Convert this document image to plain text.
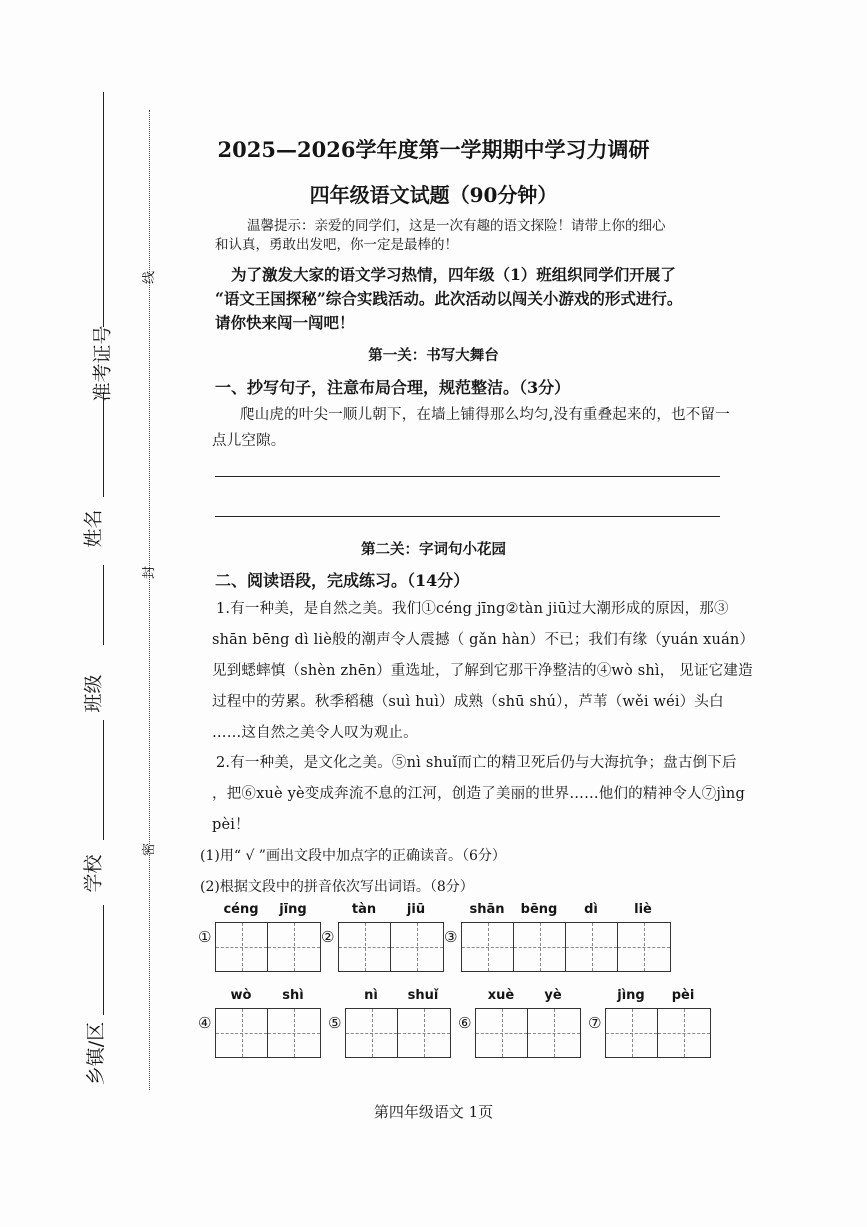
准考证号
姓名
班级
学校
乡镇/区
线
封
密
2025—2026学年度第一学期期中学习力调研
四年级语文试题（90分钟）
温馨提示：亲爱的同学们，这是一次有趣的语文探险！请带上你的细心
和认真，勇敢出发吧，你一定是最棒的！
为了激发大家的语文学习热情，四年级（1）班组织同学们开展了
“语文王国探秘”综合实践活动。此次活动以闯关小游戏的形式进行。
请你快来闯一闯吧！
第一关：书写大舞台
一、抄写句子，注意布局合理，规范整洁。（3分）
爬山虎的叶尖一顺儿朝下，在墙上铺得那么均匀,没有重叠起来的，也不留一
点儿空隙。
第二关：字词句小花园
二、阅读语段，完成练习。（14分）
1.有一种美，是自然之美。我们①céng jīng②tàn jiū过大潮形成的原因，那③
shān bēng dì liè般的潮声令人震撼（ gǎn hàn）不已；我们有缘（yuán xuán）
见到蟋蟀慎（shèn zhēn）重选址，了解到它那干净整洁的④wò shì， 见证它建造
过程中的劳累。秋季稻穗（suì huì）成熟（shū shú），芦苇（wěi wéi）头白
……这自然之美令人叹为观止。
2.有一种美，是文化之美。⑤nì shuǐ而亡的精卫死后仍与大海抗争；盘古倒下后
，把⑥xuè yè变成奔流不息的江河，创造了美丽的世界……他们的精神令人⑦jìng
pèi！
(1)用“ √ ”画出文段中加点字的正确读音。（6分）
(2)根据文段中的拼音依次写出词语。（8分）
céng	jīng
①
tàn	jiū
②
shān	bēng	dì	liè
③
wò	shì
④
nì	shuǐ
⑤
xuè	yè
⑥
jìng	pèi
⑦
第四年级语文 1页
